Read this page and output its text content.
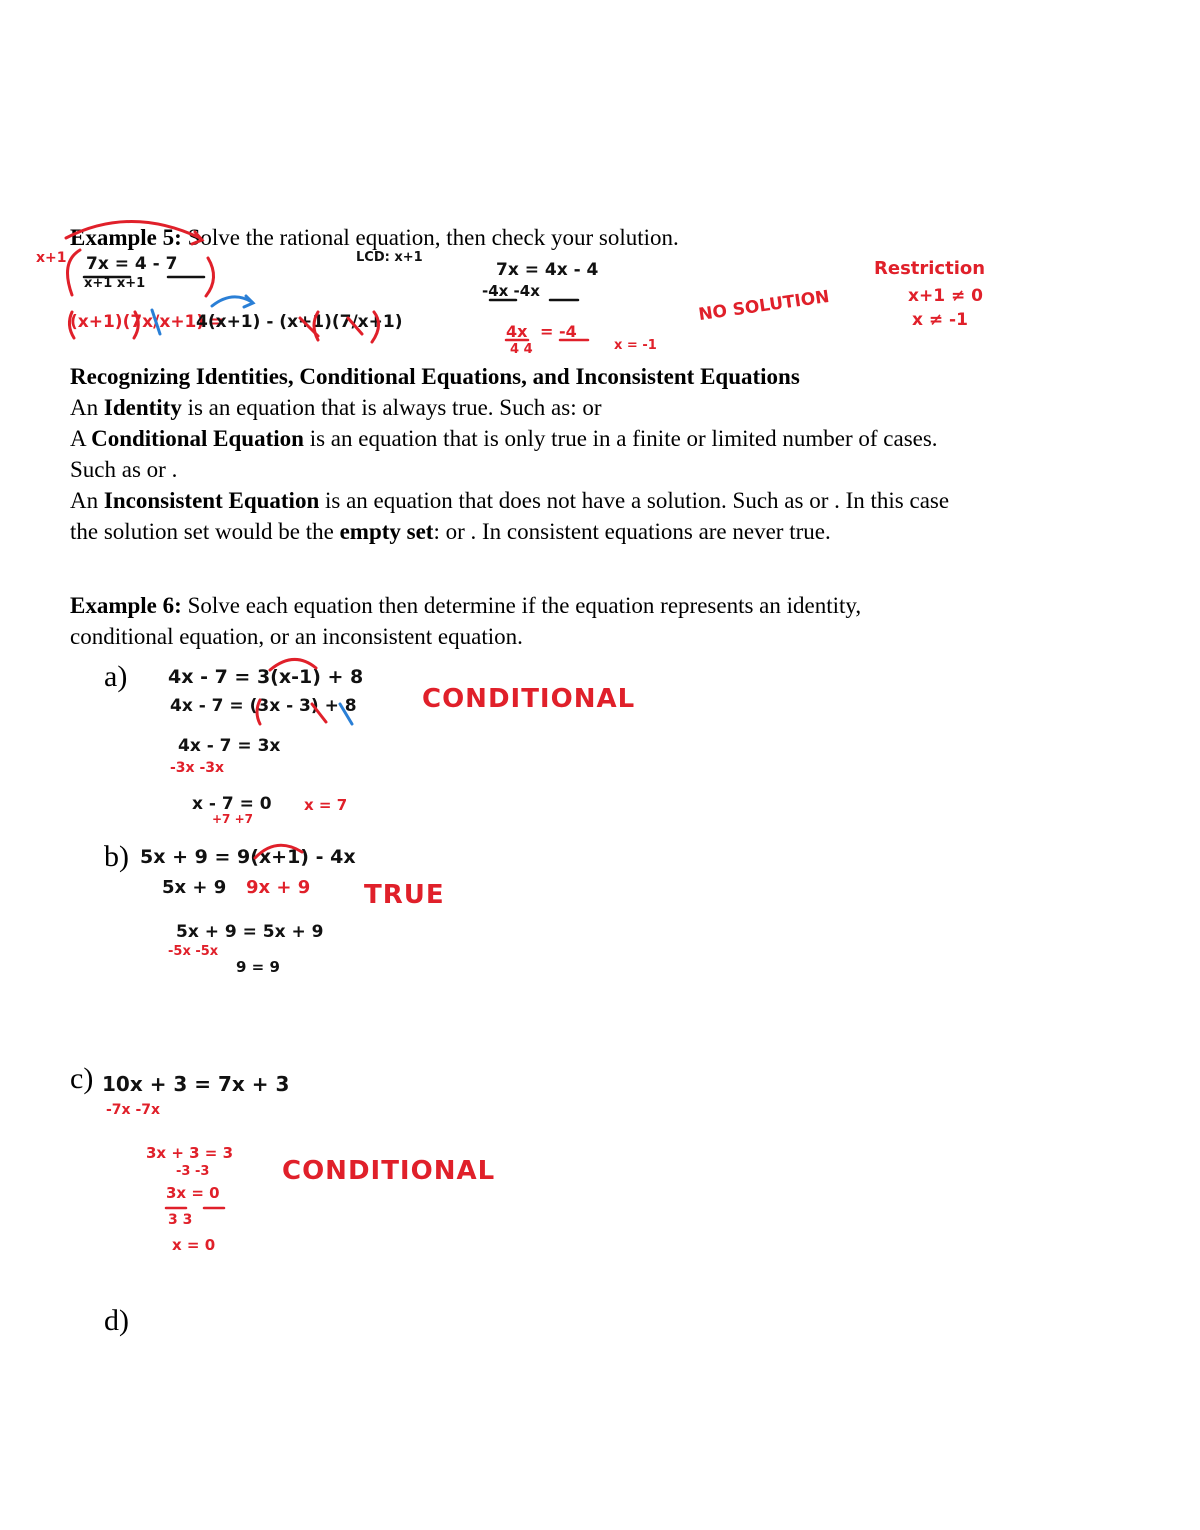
Example 5: Solve the rational equation, then check your solution.
x+1 7x = 4 - 7
x+1 x+1
LCD: x+1
(x+1)(7x/x+1) =
4(x+1) - (x+1)(7/x+1)
7x = 4x - 4
-4x -4x
4x = -4
4 4	x = -1
NO SOLUTION
Restriction
x+1 ≠ 0
x ≠ -1
Recognizing Identities, Conditional Equations, and Inconsistent Equations
An Identity is an equation that is always true. Such as: or
A Conditional Equation is an equation that is only true in a finite or limited number of cases.
Such as or .
An Inconsistent Equation is an equation that does not have a solution. Such as or . In this case
the solution set would be the empty set: or . In consistent equations are never true.
Example 6: Solve each equation then determine if the equation represents an identity,
conditional equation, or an inconsistent equation.
a) 4x - 7 = 3(x-1) + 8
4x - 7 = (3x - 3) + 8
4x - 7 = 3x
-3x -3x
x - 7 = 0
+7 +7
x = 7
CONDITIONAL
b) 5x + 9 = 9(x+1) - 4x
5x + 9 9x + 9
5x + 9 = 5x + 9
-5x -5x
9 = 9
TRUE
c) 10x + 3 = 7x + 3
-7x -7x
3x + 3 = 3
-3 -3
3x = 0
3 3
x = 0
CONDITIONAL
d)
